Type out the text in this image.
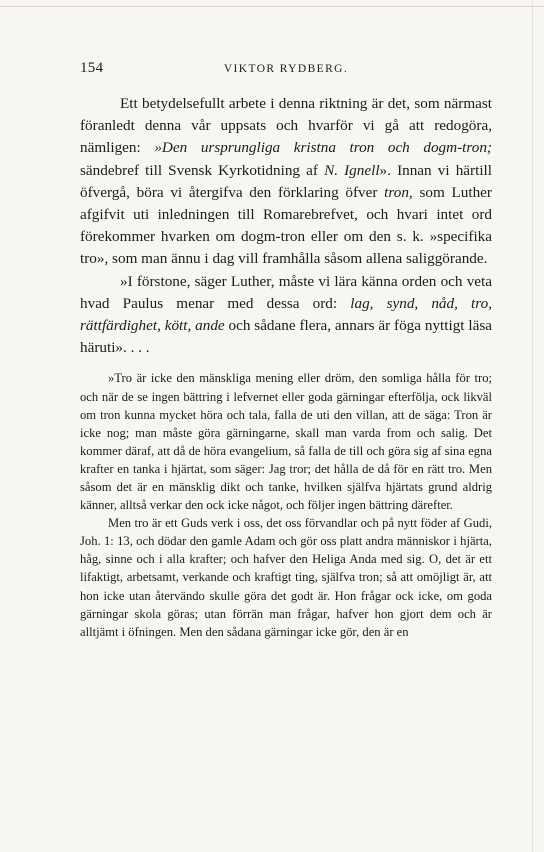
154	VIKTOR RYDBERG.

Ett betydelsefullt arbete i denna riktning är det, som närmast föranledt denna vår uppsats och hvarför vi gå att redogöra, nämligen: »Den ursprungliga kristna tron och dogm-tron; sändebref till Svensk Kyrkotidning af N. Ignell». Innan vi härtill öfvergå, böra vi återgifva den förklaring öfver tron, som Luther afgifvit uti inledningen till Romarebrefvet, och hvari intet ord förekommer hvarken om dogm-tron eller om den s. k. »specifika tro», som man ännu i dag vill framhålla såsom allena saliggörande.

»I förstone, säger Luther, måste vi lära känna orden och veta hvad Paulus menar med dessa ord: lag, synd, nåd, tro, rättfärdighet, kött, ande och sådane flera, annars är föga nyttigt läsa häruti». . . .

»Tro är icke den mänskliga mening eller dröm, den somliga hålla för tro; och när de se ingen bättring i lefvernet eller goda gärningar efterfölja, ock likväl om tron kunna mycket höra och tala, falla de uti den villan, att de säga: Tron är icke nog; man måste göra gärningarne, skall man varda from och salig. Det kommer däraf, att då de höra evangelium, så falla de till och göra sig af sina egna krafter en tanka i hjärtat, som säger: Jag tror; det hålla de då för en rätt tro. Men såsom det är en mänsklig dikt och tanke, hvilken själfva hjärtats grund aldrig känner, alltså verkar den ock icke något, och följer ingen bättring därefter.

Men tro är ett Guds verk i oss, det oss förvandlar och på nytt föder af Gudi, Joh. 1: 13, och dödar den gamle Adam och gör oss platt andra människor i hjärta, håg, sinne och i alla krafter; och hafver den Heliga Anda med sig. O, det är ett lifaktigt, arbetsamt, verkande och kraftigt ting, själfva tron; så att omöjligt är, att hon icke utan återvändo skulle göra det godt är. Hon frågar ock icke, om goda gärningar skola göras; utan förrän man frågar, hafver hon gjort dem och är alltjämt i öfningen. Men den sådana gärningar icke gör, den är en
